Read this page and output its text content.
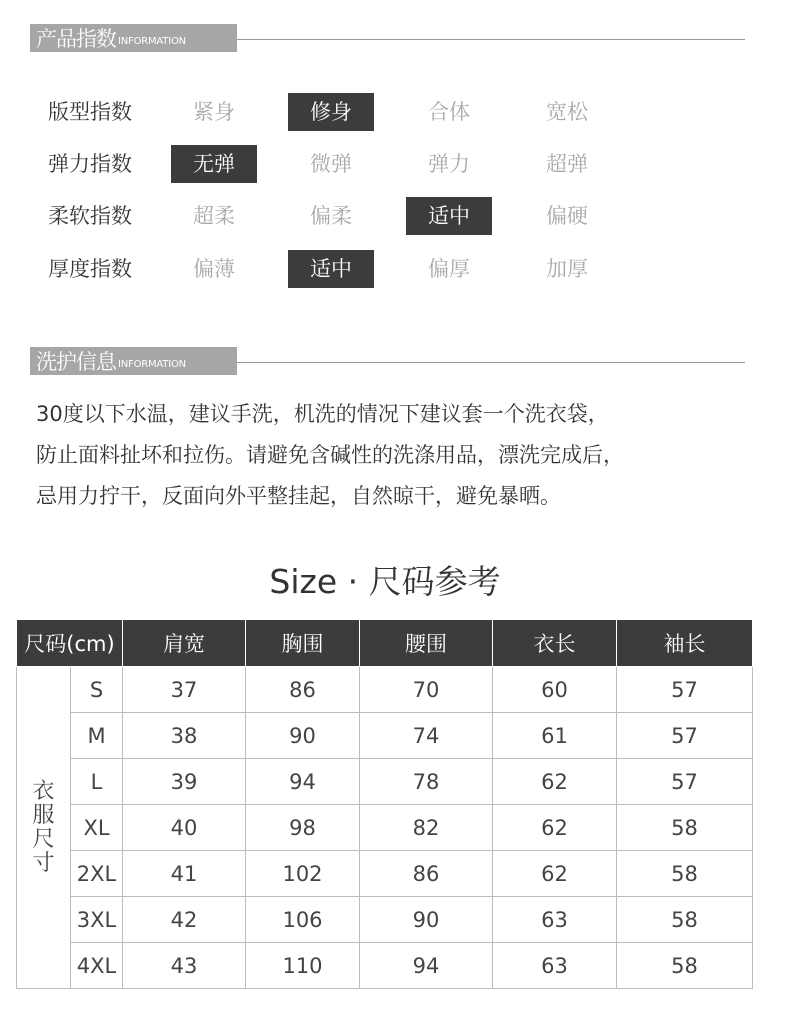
产品指数 INFORMATION
版型指数	紧身	修身	合体	宽松
弹力指数	无弹	微弹	弹力	超弹
柔软指数	超柔	偏柔	适中	偏硬
厚度指数	偏薄	适中	偏厚	加厚
洗护信息 INFORMATION
30度以下水温，建议手洗，机洗的情况下建议套一个洗衣袋，
防止面料扯坏和拉伤。请避免含碱性的洗涤用品，漂洗完成后，
忌用力拧干，反面向外平整挂起，自然晾干，避免暴晒。
Size · 尺码参考
尺码(cm)		肩宽	胸围	腰围	衣长	袖长

衣服尺寸	S	37	86	70	60	57
	M	38	90	74	61	57
	L	39	94	78	62	57
	XL	40	98	82	62	58
	2XL	41	102	86	62	58
	3XL	42	106	90	63	58
	4XL	43	110	94	63	58
